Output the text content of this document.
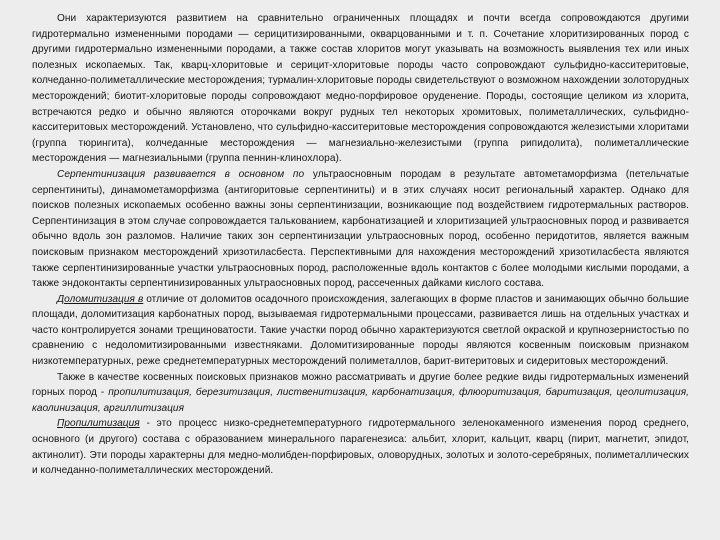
Они характеризуются развитием на сравнительно ограниченных площадях и почти всегда сопровождаются другими гидротермально измененными породами — серицитизированными, окварцованными и т. п. Сочетание хлоритизированных пород с другими гидротермально измененными породами, а также состав хлоритов могут указывать на возможность выявления тех или иных полезных ископаемых. Так, кварц-хлоритовые и серицит-хлоритовые породы часто сопровождают сульфидно-касситеритовые, колчеданно-полиметаллические месторождения; турмалин-хлоритовые породы свидетельствуют о возможном нахождении золоторудных месторождений; биотит-хлоритовые породы сопровождают медно-порфировое оруденение. Породы, состоящие целиком из хлорита, встречаются редко и обычно являются оторочками вокруг рудных тел некоторых хромитовых, полиметаллических, сульфидно-касситеритовых месторождений. Установлено, что сульфидно-касситеритовые месторождения сопровождаются железистыми хлоритами (группа тюрингита), колчеданные месторождения — магнезиально-железистыми (группа рипидолита), полиметаллические месторождения — магнезиальными (группа пеннин-клинохлора).

Серпентинизация развивается в основном по ультраосновным породам в результате автометаморфизма (петельчатые серпентиниты), динамометаморфизма (антигоритовые серпентиниты) и в этих случаях носит региональный характер. Однако для поисков полезных ископаемых особенно важны зоны серпентинизации, возникающие под воздействием гидротермальных растворов. Серпентинизация в этом случае сопровождается талькованием, карбонатизацией и хлоритизацией ультраосновных пород и развивается обычно вдоль зон разломов. Наличие таких зон серпентинизации ультраосновных пород, особенно перидотитов, является важным поисковым признаком месторождений хризотиласбеста. Перспективными для нахождения месторождений хризотиласбеста являются также серпентинизированные участки ультраосновных пород, расположенные вдоль контактов с более молодыми кислыми породами, а также эндоконтакты серпентинизированных ультраосновных пород, рассеченных дайками кислого состава.

Доломитизация в отличие от доломитов осадочного происхождения, залегающих в форме пластов и занимающих обычно большие площади, доломитизация карбонатных пород, вызываемая гидротермальными процессами, развивается лишь на отдельных участках и часто контролируется зонами трещиноватости. Такие участки пород обычно характеризуются светлой окраской и крупнозернистостью по сравнению с недоломитизированными известняками. Доломитизированные породы являются косвенным поисковым признаком низкотемпературных, реже среднетемпературных месторождений полиметаллов, барит-витеритовых и сидеритовых месторождений.

Также в качестве косвенных поисковых признаков можно рассматривать и другие более редкие виды гидротермальных изменений горных пород - пропилитизация, березитизация, лиственитизация, карбонатизация, флюоритизация, баритизация, цеолитизация, каолинизация, аргиллитизация

Пропилитизация - это процесс низко-среднетемпературного гидротермального зеленокаменного изменения пород среднего, основного (и другого) состава с образованием минерального парагенезиса: альбит, хлорит, кальцит, кварц (пирит, магнетит, эпидот, актинолит). Эти породы характерны для медно-молибден-порфировых, оловорудных, золотых и золото-серебряных, полиметаллических и колчеданно-полиметаллических месторождений.
